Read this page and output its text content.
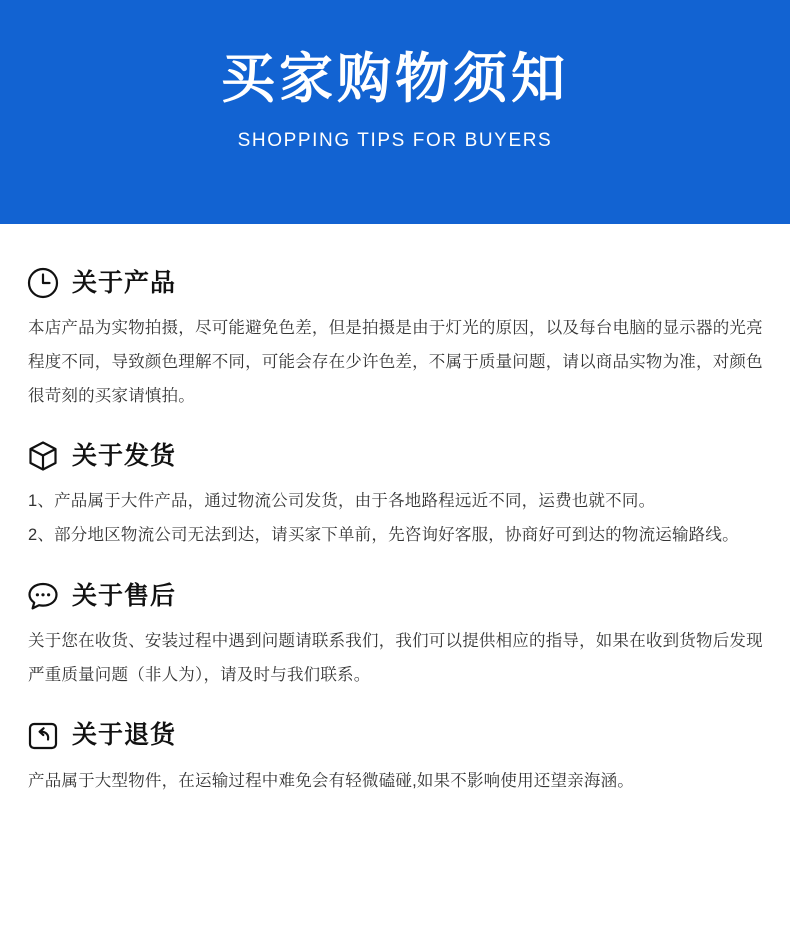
买家购物须知
SHOPPING TIPS FOR BUYERS
关于产品

本店产品为实物拍摄，尽可能避免色差，但是拍摄是由于灯光的原因，以及每台电脑的显示器的光亮程度不同，导致颜色理解不同，可能会存在少许色差，不属于质量问题，请以商品实物为准，对颜色很苛刻的买家请慎拍。

关于发货

1、产品属于大件产品，通过物流公司发货，由于各地路程远近不同，运费也就不同。

2、部分地区物流公司无法到达，请买家下单前，先咨询好客服，协商好可到达的物流运输路线。

关于售后

关于您在收货、安装过程中遇到问题请联系我们，我们可以提供相应的指导，如果在收到货物后发现严重质量问题（非人为），请及时与我们联系。

关于退货

产品属于大型物件，在运输过程中难免会有轻微磕碰,如果不影响使用还望亲海涵。
